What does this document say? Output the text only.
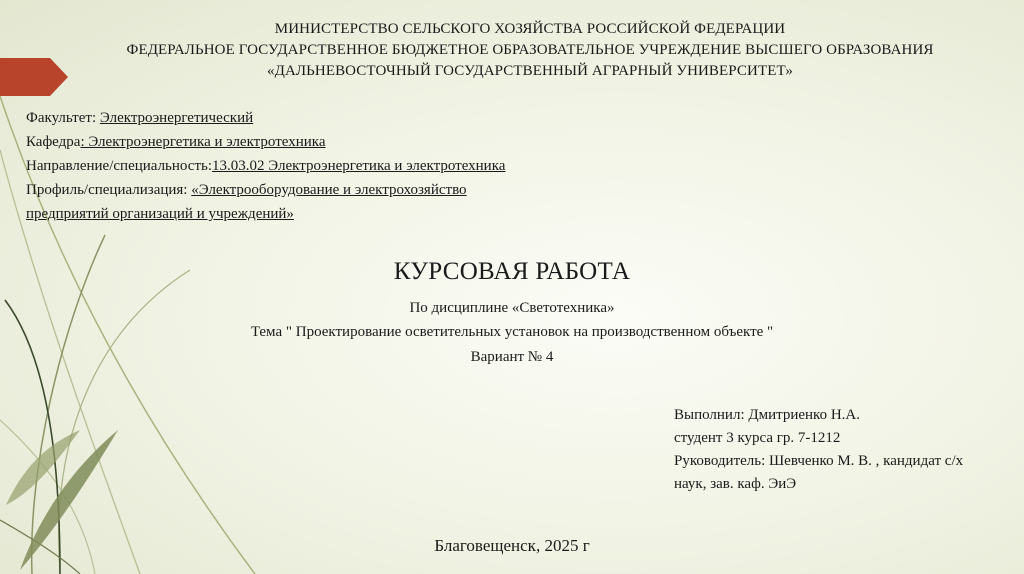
МИНИСТЕРСТВО СЕЛЬСКОГО ХОЗЯЙСТВА РОССИЙСКОЙ ФЕДЕРАЦИИ
ФЕДЕРАЛЬНОЕ ГОСУДАРСТВЕННОЕ БЮДЖЕТНОЕ ОБРАЗОВАТЕЛЬНОЕ УЧРЕЖДЕНИЕ ВЫСШЕГО ОБРАЗОВАНИЯ
«ДАЛЬНЕВОСТОЧНЫЙ ГОСУДАРСТВЕННЫЙ АГРАРНЫЙ УНИВЕРСИТЕТ»
Факультет: Электроэнергетический
Кафедра: Электроэнергетика и электротехника
Направление/специальность:13.03.02 Электроэнергетика и электротехника
Профиль/специализация: «Электрооборудование и электрохозяйство
предприятий организаций и учреждений»
КУРСОВАЯ РАБОТА
По дисциплине «Светотехника»
Тема " Проектирование осветительных установок на производственном объекте "
Вариант № 4
Выполнил: Дмитриенко Н.А.
студент 3 курса гр. 7-1212
Руководитель: Шевченко М. В. , кандидат с/х
наук, зав. каф. ЭиЭ
Благовещенск, 2025 г
